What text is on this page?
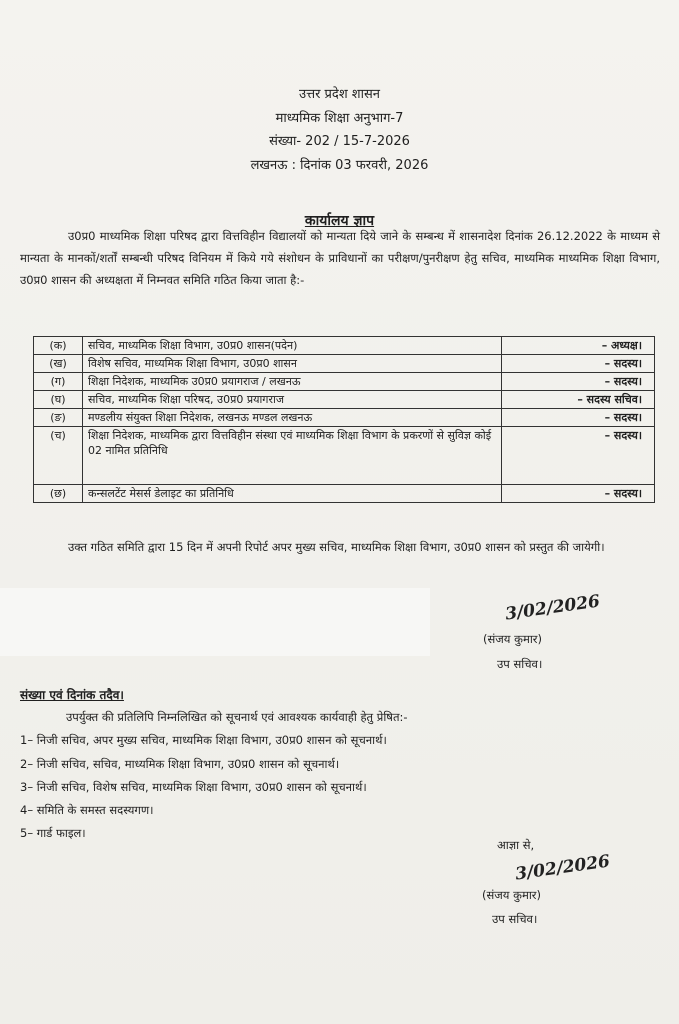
उत्तर प्रदेश शासन
माध्यमिक शिक्षा अनुभाग-7
संख्या- 202 / 15-7-2026
लखनऊ : दिनांक 03 फरवरी, 2026
कार्यालय ज्ञाप
उ0प्र0 माध्यमिक शिक्षा परिषद द्वारा वित्तविहीन विद्यालयों को मान्यता दिये जाने के सम्बन्ध में शासनादेश दिनांक 26.12.2022 के माध्यम से मान्यता के मानकों/शर्तों सम्बन्धी परिषद विनियम में किये गये संशोधन के प्राविधानों का परीक्षण/पुनरीक्षण हेतु सचिव, माध्यमिक माध्यमिक शिक्षा विभाग, उ0प्र0 शासन की अध्यक्षता में निम्नवत समिति गठित किया जाता है:-
(क)	सचिव, माध्यमिक शिक्षा विभाग, उ0प्र0 शासन(पदेन)	– अध्यक्ष।
(ख)	विशेष सचिव, माध्यमिक शिक्षा विभाग, उ0प्र0 शासन	– सदस्य।
(ग)	शिक्षा निदेशक, माध्यमिक उ0प्र0 प्रयागराज / लखनऊ	– सदस्य।
(घ)	सचिव, माध्यमिक शिक्षा परिषद, उ0प्र0 प्रयागराज	– सदस्य सचिव।
(ङ)	मण्डलीय संयुक्त शिक्षा निदेशक, लखनऊ मण्डल लखनऊ	– सदस्य।
(च)	शिक्षा निदेशक, माध्यमिक द्वारा वित्तविहीन संस्था एवं माध्यमिक शिक्षा विभाग के प्रकरणों से सुविज्ञ कोई 02 नामित प्रतिनिधि	– सदस्य।
(छ)	कन्सलटेंट मेसर्स डेलाइट का प्रतिनिधि	– सदस्य।
उक्त गठित समिति द्वारा 15 दिन में अपनी रिपोर्ट अपर मुख्य सचिव, माध्यमिक शिक्षा विभाग, उ0प्र0 शासन को प्रस्तुत की जायेगी।
3/02/2026
(संजय कुमार)
उप सचिव।
संख्या एवं दिनांक तदैव।
उपर्युक्त की प्रतिलिपि निम्नलिखित को सूचनार्थ एवं आवश्यक कार्यवाही हेतु प्रेषित:-
1– निजी सचिव, अपर मुख्य सचिव, माध्यमिक शिक्षा विभाग, उ0प्र0 शासन को सूचनार्थ।
2– निजी सचिव, सचिव, माध्यमिक शिक्षा विभाग, उ0प्र0 शासन को सूचनार्थ।
3– निजी सचिव, विशेष सचिव, माध्यमिक शिक्षा विभाग, उ0प्र0 शासन को सूचनार्थ।
4– समिति के समस्त सदस्यगण।
5– गार्ड फाइल।
आज्ञा से,
3/02/2026
(संजय कुमार)
उप सचिव।
